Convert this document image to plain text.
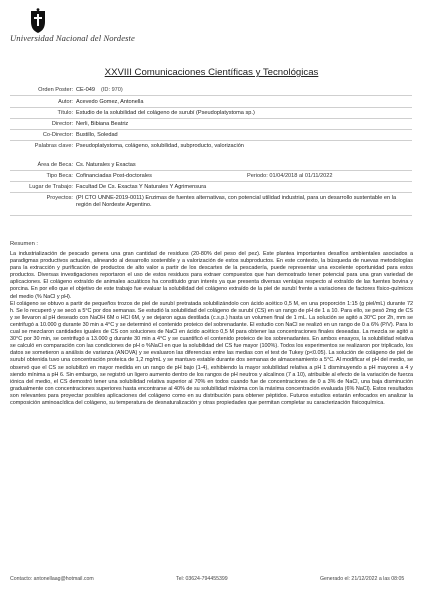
Universidad Nacional del Nordeste
XXVIII Comunicaciones Científicas y Tecnológicas
Orden Poster: CE-049 (ID: 970)
Autor: Acevedo Gomez, Antonella
Título: Estudio de la solubilidad del colágeno de surubí (Pseudoplatystoma sp.)
Director: Nerli, Bibiana Beatriz
Co-Director: Bustillo, Soledad
Palabras clave: Pseudoplatystoma, colágeno, solubilidad, subproducto, valorización
Área de Beca: Cs. Naturales y Exactas
Tipo Beca: Cofinanciadas Post-doctorales	Periodo: 01/04/2018 al 01/11/2022
Lugar de Trabajo: Facultad De Cs. Exactas Y Naturales Y Agrimensura
Proyectos: (PI CTO UNNE-2019-0011) Enzimas de fuentes alternativas, con potencial utilidad industrial, para un desarrollo sustentable en la región del Nordeste Argentino.
Resumen :

La industrialización de pescado genera una gran cantidad de residuos (20-80% del peso del pez). Este plantea importantes desafíos ambientales asociados a paradigmas productivos actuales, alineando al desarrollo sostenible y a valorización de estos subproductos. En este contexto, la búsqueda de nuevas metodologías para la extracción y purificación de productos de alto valor a partir de los descartes de la pescadería, puede representar una excelente oportunidad para estos productos. Diversas investigaciones reportaron el uso de estos residuos para extraer compuestos que han demostrado tener potencial para una gran variedad de aplicaciones. El colágeno extraído de animales acuáticos ha constituido gran interés ya que presenta diversas ventajas respecto al extraído de las fuentes bovina y porcina. En por ello que el objetivo de este trabajo fue evaluar la solubilidad del colágeno extraído de la piel de surubí frente a variaciones de factores físico-químicos del medio (% NaCl y pH).

El colágeno se obtuvo a partir de pequeños trozos de piel de surubí pretratada solubilizándolo con ácido acético 0,5 M, en una proporción 1:15 (g piel/mL) durante 72 h. Se lo recuperó y se secó a 5°C por dos semanas. Se estudió la solubilidad del colágeno de surubí (CS) en un rango de pH de 1 a 10. Para ello, se pesó 2mg de CS y se llevaron al pH deseado con NaOH 6M o HCl 6M, y se dejaron agua destilada (c.s.p.) hasta un volumen final de 1 mL. La solución se agitó a 30°C por 2h, mm se centrifugó a 10.000 g durante 30 min a 4°C y se determinó el contenido proteico del sobrenadante. El estudio con NaCl se realizó en un rango de 0 a 6% (P/V). Para lo cual se mezclaron cantidades iguales de CS con soluciones de NaCl en ácido acético 0,5 M para obtener las concentraciones finales deseadas. La mezcla se agitó a 30°C por 30 min, se centrifugó a 13.000 g durante 30 min a 4°C y se cuantificó el contenido proteico de los sobrenadantes. En ambos ensayos, la solubilidad relativa se calculó en comparación con las condiciones de pH o %NaCl en que la solubilidad del CS fue mayor (100%). Todos los experimentos se realizaron por triplicado, los datos se sometieron a análisis de varianza (ANOVA) y se evaluaron las diferencias entre las medias con el test de Tukey (p<0.05). La solución de colágeno de piel de surubí obtenida tuvo una concentración proteica de 1,2 mg/mL y se mantuvo estable durante dos semanas de almacenamiento a 5°C. Al modificar el pH del medio, se observó que el CS se solubilizó en mayor medida en un rango de pH bajo (1-4), exhibiendo la mayor solubilidad relativa a pH 1 disminuyendo a pH mayores a 4 y siendo mínima a pH 6. Sin embargo, se registró un ligero aumento dentro de los rangos de pH neutros y alcalinos (7 a 10), atribuible al efecto de la variación de fuerza iónica del medio, el CS demostró tener una solubilidad relativa superior al 70% en todos cuando fue de concentraciones de 0 a 3% de NaCl, una baja disminución gradualmente con concentraciones superiores hasta encontrarse al 40% de su solubilidad máxima con la máxima concentración evaluada (6% NaCl). Estos resultados son relevantes para proyectar posibles aplicaciones del colágeno como en su distribución para obtener péptidos. Futuros estudios estarán enfocados en analizar la composición aminoacídica del colágeno, su temperatura de desnaturalización y otras propiedades que permitan completar su caracterización fisicoquímica.

Contacto: antonellaag@hotmail.com	Tel: 03624-794455399	Generado el: 21/12/2022 a las 08:05
